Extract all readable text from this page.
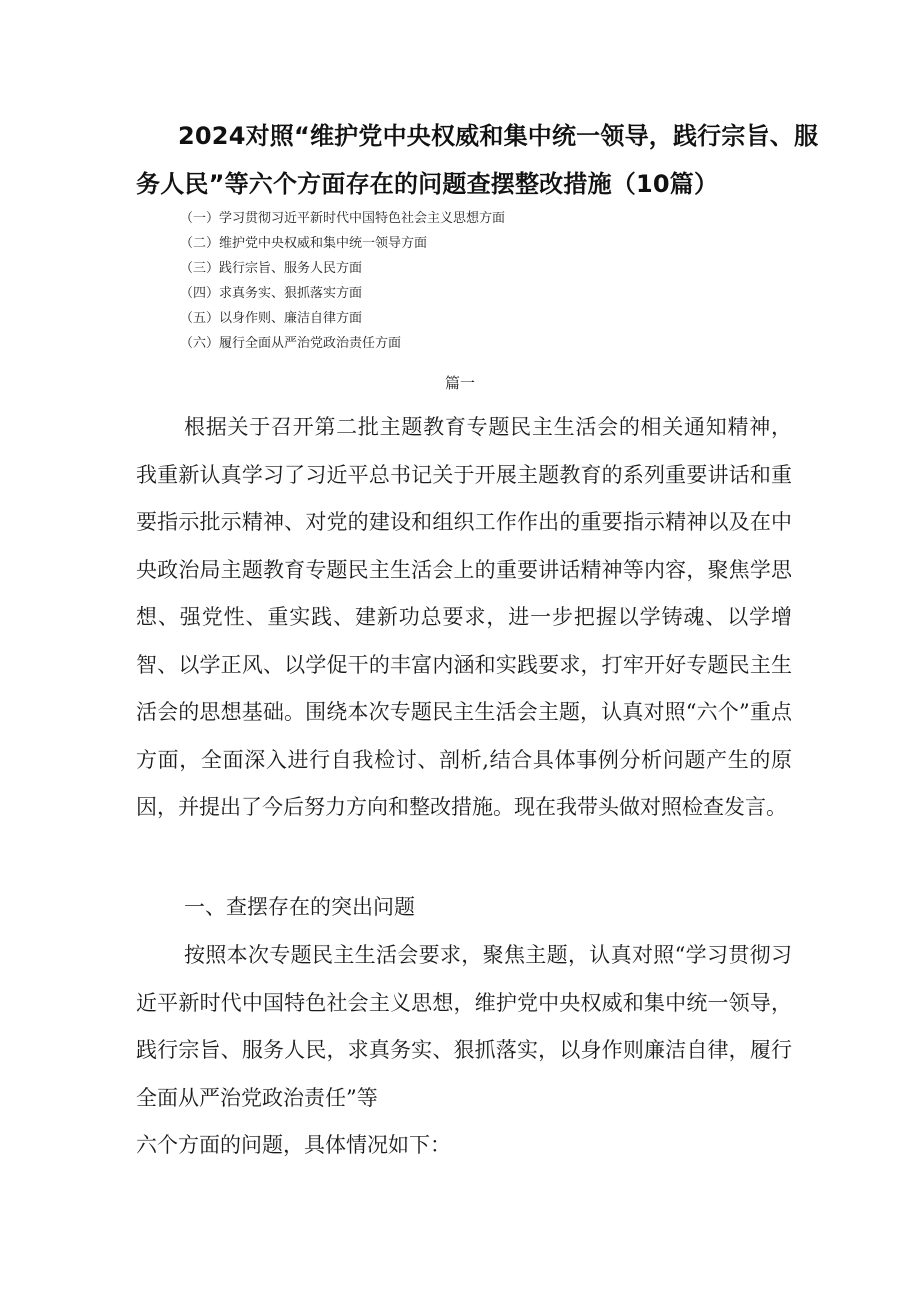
2024对照“维护党中央权威和集中统一领导，践行宗旨、服
务人民”等六个方面存在的问题查摆整改措施（10篇）
（一）学习贯彻习近平新时代中国特色社会主义思想方面
（二）维护党中央权威和集中统一领导方面
（三）践行宗旨、服务人民方面
（四）求真务实、狠抓落实方面
（五）以身作则、廉洁自律方面
（六）履行全面从严治党政治责任方面
篇一

根据关于召开第二批主题教育专题民主生活会的相关通知精神，我重新认真学习了习近平总书记关于开展主题教育的系列重要讲话和重要指示批示精神、对党的建设和组织工作作出的重要指示精神以及在中央政治局主题教育专题民主生活会上的重要讲话精神等内容，聚焦学思想、强党性、重实践、建新功总要求，进一步把握以学铸魂、以学增智、以学正风、以学促干的丰富内涵和实践要求，打牢开好专题民主生活会的思想基础。围绕本次专题民主生活会主题，认真对照“六个”重点方面，全面深入进行自我检讨、剖析,结合具体事例分析问题产生的原因，并提出了今后努力方向和整改措施。现在我带头做对照检查发言。

一、查摆存在的突出问题

按照本次专题民主生活会要求，聚焦主题，认真对照“学习贯彻习近平新时代中国特色社会主义思想，维护党中央权威和集中统一领导，践行宗旨、服务人民，求真务实、狠抓落实，以身作则廉洁自律，履行全面从严治党政治责任”等

六个方面的问题，具体情况如下：
